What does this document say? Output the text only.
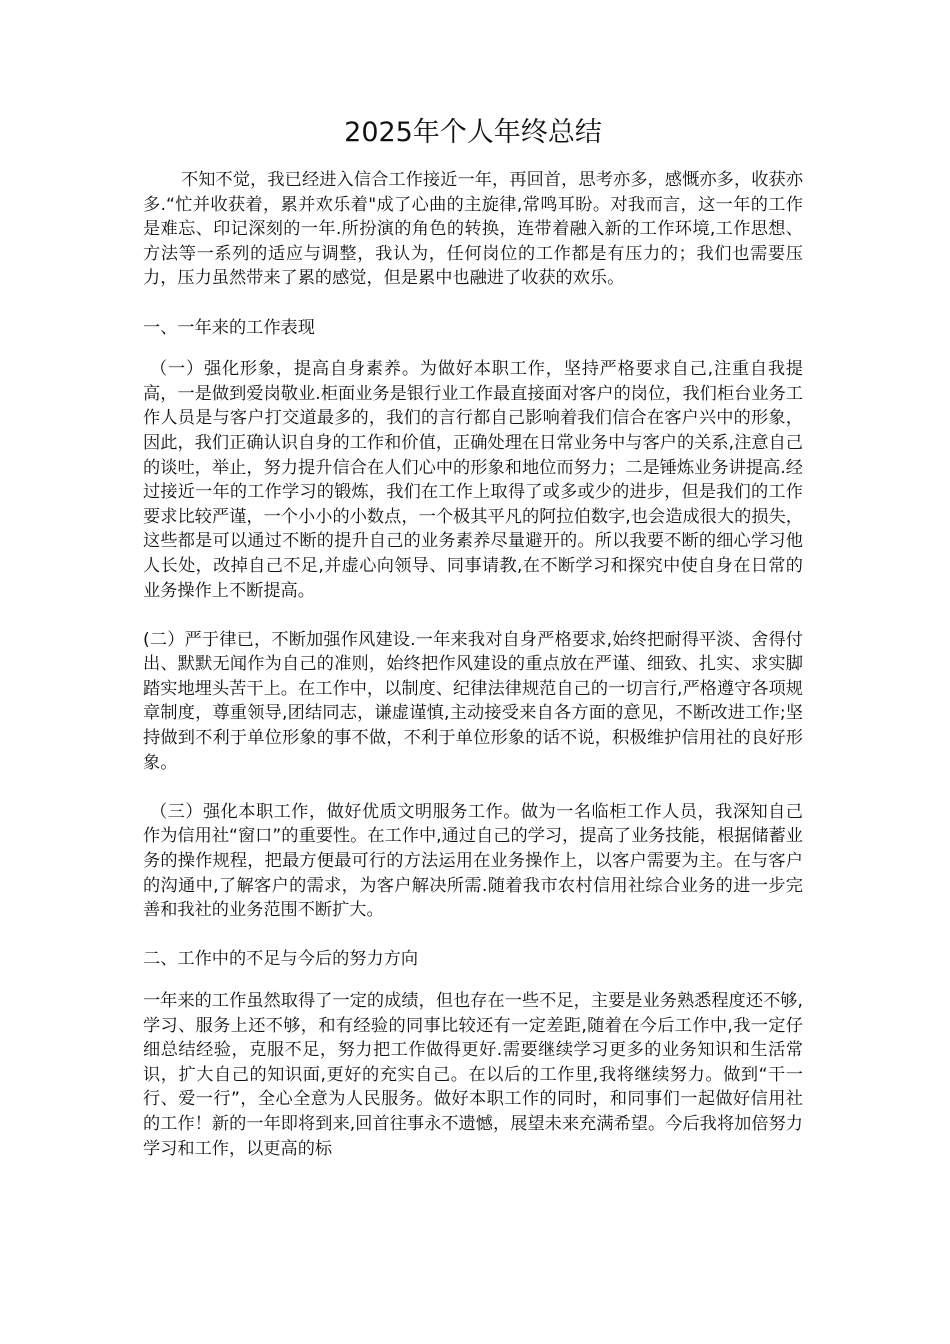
2025年个人年终总结

不知不觉，我已经进入信合工作接近一年，再回首，思考亦多，感慨亦多，收获亦多.“忙并收获着，累并欢乐着"成了心曲的主旋律,常鸣耳盼。对我而言，这一年的工作是难忘、印记深刻的一年.所扮演的角色的转换，连带着融入新的工作环境,工作思想、方法等一系列的适应与调整，我认为，任何岗位的工作都是有压力的；我们也需要压力，压力虽然带来了累的感觉，但是累中也融进了收获的欢乐。

一、一年来的工作表现

（一）强化形象，提高自身素养。为做好本职工作，坚持严格要求自己,注重自我提高，一是做到爱岗敬业.柜面业务是银行业工作最直接面对客户的岗位，我们柜台业务工作人员是与客户打交道最多的，我们的言行都自己影响着我们信合在客户兴中的形象，因此，我们正确认识自身的工作和价值，正确处理在日常业务中与客户的关系,注意自己的谈吐，举止，努力提升信合在人们心中的形象和地位而努力；二是锤炼业务讲提高.经过接近一年的工作学习的锻炼，我们在工作上取得了或多或少的进步，但是我们的工作要求比较严谨，一个小小的小数点，一个极其平凡的阿拉伯数字,也会造成很大的损失，这些都是可以通过不断的提升自己的业务素养尽量避开的。所以我要不断的细心学习他人长处，改掉自己不足,并虚心向领导、同事请教,在不断学习和探究中使自身在日常的业务操作上不断提高。

(二）严于律已，不断加强作风建设.一年来我对自身严格要求,始终把耐得平淡、舍得付出、默默无闻作为自己的准则，始终把作风建设的重点放在严谨、细致、扎实、求实脚踏实地埋头苦干上。在工作中，以制度、纪律法律规范自己的一切言行,严格遵守各项规章制度，尊重领导,团结同志，谦虚谨慎,主动接受来自各方面的意见，不断改进工作;坚持做到不利于单位形象的事不做，不利于单位形象的话不说，积极维护信用社的良好形象。

（三）强化本职工作，做好优质文明服务工作。做为一名临柜工作人员，我深知自己作为信用社“窗口”的重要性。在工作中,通过自己的学习，提高了业务技能，根据储蓄业务的操作规程，把最方便最可行的方法运用在业务操作上，以客户需要为主。在与客户的沟通中,了解客户的需求，为客户解决所需.随着我市农村信用社综合业务的进一步完善和我社的业务范围不断扩大。

二、工作中的不足与今后的努力方向

一年来的工作虽然取得了一定的成绩，但也存在一些不足，主要是业务熟悉程度还不够,学习、服务上还不够，和有经验的同事比较还有一定差距,随着在今后工作中,我一定仔细总结经验，克服不足，努力把工作做得更好.需要继续学习更多的业务知识和生活常识，扩大自己的知识面,更好的充实自己。在以后的工作里,我将继续努力。做到“干一行、爱一行”，全心全意为人民服务。做好本职工作的同时，和同事们一起做好信用社的工作！新的一年即将到来,回首往事永不遗憾，展望未来充满希望。今后我将加倍努力学习和工作，以更高的标
